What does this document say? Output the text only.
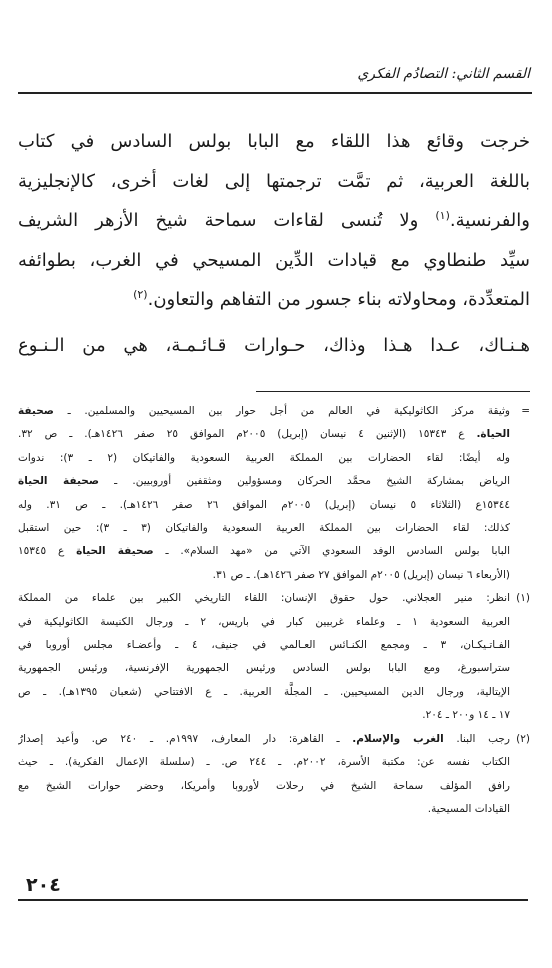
القسم الثاني: التصادُم الفكري
خرجت وقائع هذا اللقاء مع البابا بولس السادس في كتاب
باللغة العربية، ثم تمَّت ترجمتها إلى لغات أخرى، كالإنجليزية
والفرنسية.$^{(١)}$ ولا تُنسى لقاءات سماحة شيخ الأزهر الشريف
سيِّد طنطاوي مع قيادات الدِّين المسيحي في الغرب، بطوائفه
المتعدِّدة، ومحاولاته بناء جسور من التفاهم والتعاون.$^{(٢)}$
هـنـاك، عـدا هـذا وذاك، حـوارات قـائـمـة، هي من الـنـوع
=
وثيقة مركز الكاثوليكية في العالم من أجل حوار بين المسيحيين والمسلمين. ـ صحيفة
الحياة. ع ١٥٣٤٣ (الإثنين ٤ نيسان (إبريل) ٢٠٠٥م الموافق ٢٥ صفر ١٤٢٦هـ). ـ ص ٣٢.
وله أيضًا: لقاء الحضارات بين المملكة العربية السعودية والفاتيكان (٢ ـ ٣): ندوات
الرياض بمشاركة الشيخ محمَّد الحركان ومسؤولين ومثقفين أوروبيين. ـ صحيفة الحياة
١٥٣٤٤ع (الثلاثاء ٥ نيسان (إبريل) ٢٠٠٥م الموافق ٢٦ صفر ١٤٢٦هـ). ـ ص ٣١. وله
كذلك: لقاء الحضارات بين المملكة العربية السعودية والفاتيكان (٣ ـ ٣): حين استقبل
البابا بولس السادس الوفد السعودي الآتي من «مهد السلام». ـ صحيفة الحياة ع ١٥٣٤٥
(الأربعاء ٦ نيسان (إبريل) ٢٠٠٥م الموافق ٢٧ صفر ١٤٢٦هـ). ـ ص ٣١.
(١)
انظر: منير العجلاني. حول حقوق الإنسان: اللقاء التاريخي الكبير بين علماء من المملكة
العربية السعودية ١ ـ وعلماء غربيين كبار في باريس، ٢ ـ ورجال الكنيسة الكاثوليكية في
الفـاتـيكـان، ٣ ـ ومجمع الكنـائس العـالمي في جنيف، ٤ ـ وأعضـاء مجلس أوروبا في
ستراسبورغ، ومع البابا بولس السادس ورئيس الجمهورية الإفرنسية، ورئيس الجمهورية
الإيتالية، ورجال الدين المسيحيين. ـ المجلَّة العربية. ـ ع الافتتاحي (شعبان ١٣٩٥هـ). ـ ص
١٧ ـ ١٤ و٢٠٠ ـ ٢٠٤.
(٢)
رجب البنا. الغرب والإسلام. ـ القاهرة: دار المعارف، ١٩٩٧م. ـ ٢٤٠ ص. وأعيد إصدارُ
الكتاب نفسه عن: مكتبة الأسرة، ٢٠٠٢م. ـ ٢٤٤ ص. ـ (سلسلة الإعمال الفكرية). ـ حيث
رافق المؤلف سماحة الشيخ في رحلات لأوروبا وأمريكا، وحضر حوارات الشيخ مع
القيادات المسيحية.
٢٠٤
